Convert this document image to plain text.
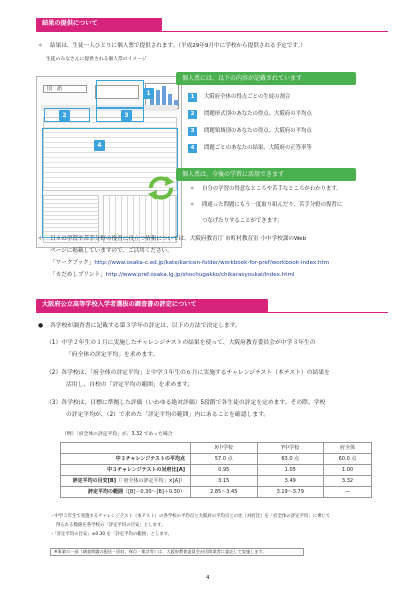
結果の提供について
✧ 結果は、生徒一人ひとりに個人票で提供されます。（平成29年9月中に学校から提供される予定です。）
生徒のみなさんに提供される個人票のイメージ
国　語
1
2	3
4
個人票には、以下の内容が記載されています
1	大阪府全体の得点ごとの生徒の割合
2	問題形式別のあなたの得点、大阪府の平均点
3	問題領域別のあなたの得点、大阪府の平均点
4	問題ごとのあなたの結果、大阪府の正答率等
個人票は、今後の学習に活用できます
✧ 自分の学習の得意なところや苦手なところがわかります。
✧ 間違った問題にもう一度取り組んだり、苦手分野の復習に
つなげたりすることができます。
✧ 日々の学習や苦手分野の復習に役立つ情報については、大阪府教育庁 市町村教育室 小中学校課のWeb
ページに掲載していますので、ご活用ください。
「ワークブック」http://www.osaka-c.ed.jp/kate/karicen-folder/workbook-for-pref/workbook-index.htm
「カだめしプリント」http://www.pref.osaka.lg.jp/shochugakko/chikarasyoukai/index.html
大阪府公立高等学校入学者選抜の調査書の評定について
● 各学校が調査書に記載する第３学年の評定は、以下の方法で決定します。
（1）中学２年生の１月に実施したチャレンジテストの結果を使って、大阪府教育委員会が中学３年生の
「府全体の評定平均」を求めます。
（2）各学校は、「府全体の評定平均」と中学３年生の６月に実施するチャレンジテスト（本テスト）の結果を
活用し、自校の「評定平均の範囲」を求めます。
（3）各学校は、目標に準拠した評価（いわゆる絶対評価）5段階で各生徒の評定を定めます。その際、学校
の評定平均が、（2）で求めた「評定平均の範囲」内にあることを確認します。
（例）「府全体の評定平均」が、3.32 であった場合
	X中学校	Y中学校	府全体
中３チャレンジテストの平均点	57.0 点	63.0 点	60.0 点
中３チャレンジテストの対府比[A]	0.95	1.05	1.00
評定平均の目安[B]（「府全体の評定平均」×[A]）	3.15	3.49	3.32
評定平均の範囲（[B]－0.30〜[B]＋0.30）	2.85〜3.45	3.19〜3.79	―
・中学３年生で実施するチャレンジテスト（本テスト）の各学校の平均点と大阪府の平均点との比（対府比）を「府全体の評定平均」に乗じて
得られる数値を各学校の「評定平均の目安」とします。
・「評定平均の目安」±0.30 を「評定平均の範囲」とします。
※事業の一部（調査問題の配送・回収、採点・集計等）は、大阪府教育委員会が民間業者に委託して実施します。
4
